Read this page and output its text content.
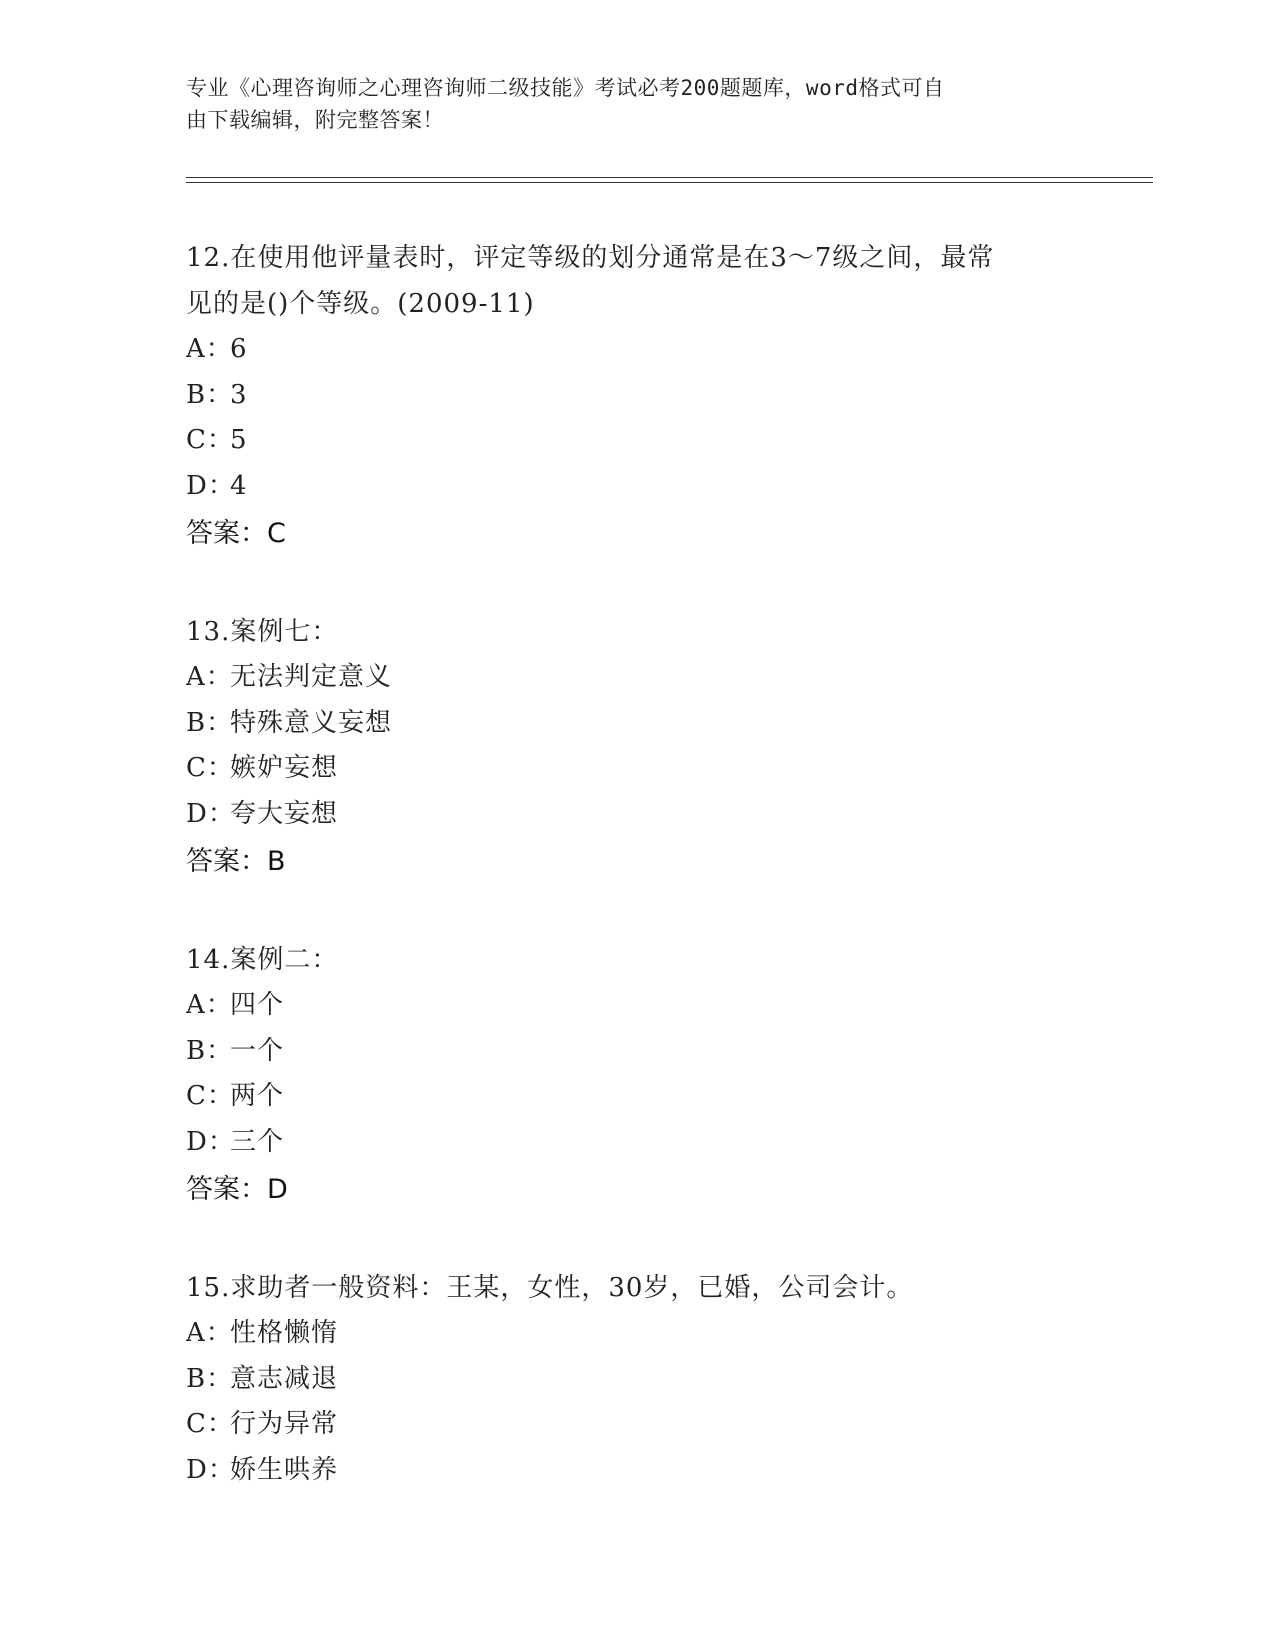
专业《心理咨询师之心理咨询师二级技能》考试必考200题题库，word格式可自
由下载编辑，附完整答案！
12.在使用他评量表时，评定等级的划分通常是在3～7级之间，最常
见的是()个等级。(2009-11)
A：6
B：3
C：5
D：4
答案：C
13.案例七：
A：无法判定意义
B：特殊意义妄想
C：嫉妒妄想
D：夸大妄想
答案：B
14.案例二：
A：四个
B：一个
C：两个
D：三个
答案：D
15.求助者一般资料：王某，女性，30岁，已婚，公司会计。
A：性格懒惰
B：意志减退
C：行为异常
D：娇生哄养
